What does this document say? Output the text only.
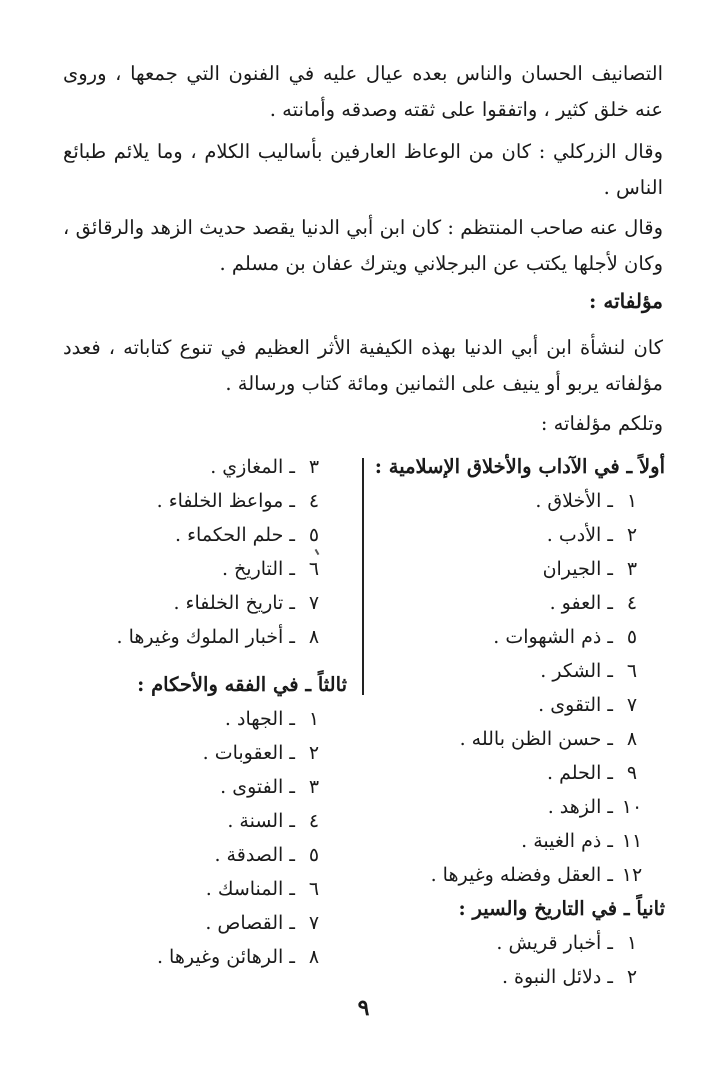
التصانيف الحسان والناس بعده عيال عليه في الفنون التي جمعها ، وروى عنه خلق كثير ، واتفقوا على ثقته وصدقه وأمانته .
وقال الزركلي : كان من الوعاظ العارفين بأساليب الكلام ، وما يلائم طبائع الناس .
وقال عنه صاحب المنتظم : كان ابن أبي الدنيا يقصد حديث الزهد والرقائق ، وكان لأجلها يكتب عن البرجلاني ويترك عفان بن مسلم .
مؤلفاته :
كان لنشأة ابن أبي الدنيا بهذه الكيفية الأثر العظيم في تنوع كتاباته ، فعدد مؤلفاته يربو أو ينيف على الثمانين ومائة كتاب ورسالة .
وتلكم مؤلفاته :
أولاً ـ في الآداب والأخلاق الإسلامية :
١ ـ الأخلاق .
٢ ـ الأدب .
٣ ـ الجيران
٤ ـ العفو .
٥ ـ ذم الشهوات .
٦ ـ الشكر .
٧ ـ التقوى .
٨ ـ حسن الظن بالله .
٩ ـ الحلم .
١٠ ـ الزهد .
١١ ـ ذم الغيبة .
١٢ ـ العقل وفضله وغيرها .
ثانياً ـ في التاريخ والسير :
١ ـ أخبار قريش .
٢ ـ دلائل النبوة .
٣ ـ المغازي .
٤ ـ مواعظ الخلفاء .
٥ ـ حلم الحكماء .
٦ ـ التاريخ .
٧ ـ تاريخ الخلفاء .
٨ ـ أخبار الملوك وغيرها .
ثالثاً ـ في الفقه والأحكام :
١ ـ الجهاد .
٢ ـ العقوبات .
٣ ـ الفتوى .
٤ ـ السنة .
٥ ـ الصدقة .
٦ ـ المناسك .
٧ ـ القصاص .
٨ ـ الرهائن وغيرها .
٩
